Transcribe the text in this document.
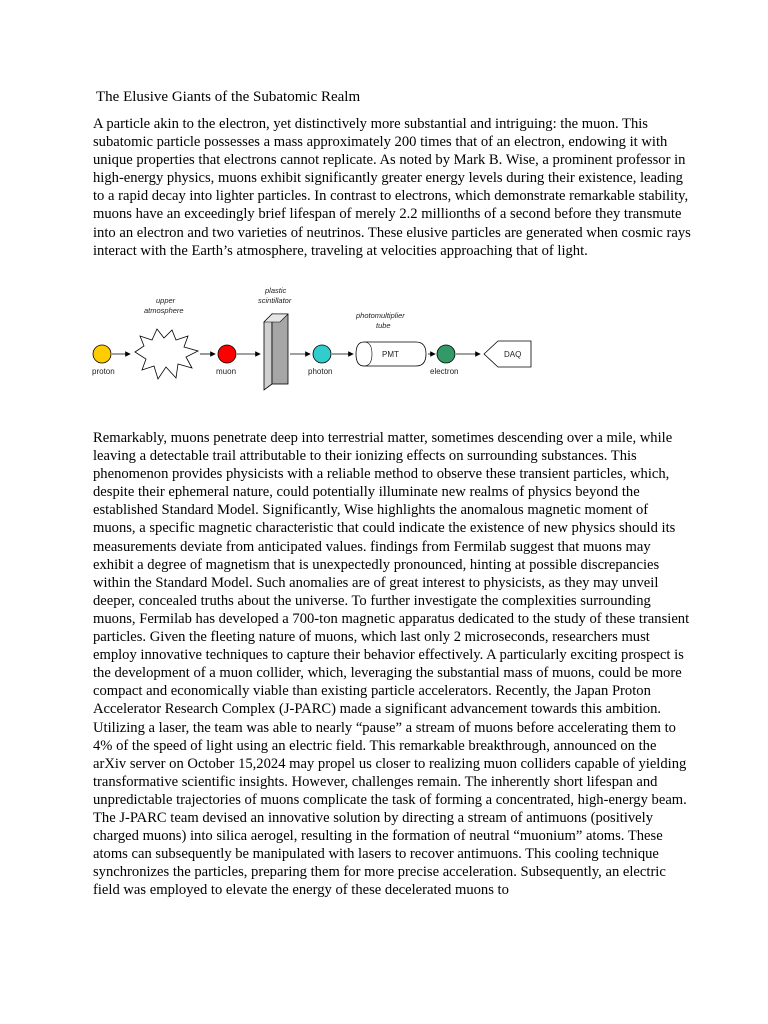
The Elusive Giants of the Subatomic Realm
A particle akin to the electron, yet distinctively more substantial and intriguing: the muon. This subatomic particle possesses a mass approximately 200 times that of an electron, endowing it with unique properties that electrons cannot replicate. As noted by Mark B. Wise, a prominent professor in high-energy physics, muons exhibit significantly greater energy levels during their existence, leading to a rapid decay into lighter particles. In contrast to electrons, which demonstrate remarkable stability, muons have an exceedingly brief lifespan of merely 2.2 millionths of a second before they transmute into an electron and two varieties of neutrinos. These elusive particles are generated when cosmic rays interact with the Earth’s atmosphere, traveling at velocities approaching that of light.
proton
upper
atmosphere
muon
plastic
scintillator
photon
PMT
photomultiplier
tube
electron
DAQ
Remarkably, muons penetrate deep into terrestrial matter, sometimes descending over a mile, while leaving a detectable trail attributable to their ionizing effects on surrounding substances. This phenomenon provides physicists with a reliable method to observe these transient particles, which, despite their ephemeral nature, could potentially illuminate new realms of physics beyond the established Standard Model. Significantly, Wise highlights the anomalous magnetic moment of muons, a specific magnetic characteristic that could indicate the existence of new physics should its measurements deviate from anticipated values. findings from Fermilab suggest that muons may exhibit a degree of magnetism that is unexpectedly pronounced, hinting at possible discrepancies within the Standard Model. Such anomalies are of great interest to physicists, as they may unveil deeper, concealed truths about the universe. To further investigate the complexities surrounding muons, Fermilab has developed a 700-ton magnetic apparatus dedicated to the study of these transient particles. Given the fleeting nature of muons, which last only 2 microseconds, researchers must employ innovative techniques to capture their behavior effectively. A particularly exciting prospect is the development of a muon collider, which, leveraging the substantial mass of muons, could be more compact and economically viable than existing particle accelerators. Recently, the Japan Proton Accelerator Research Complex (J-PARC) made a significant advancement towards this ambition. Utilizing a laser, the team was able to nearly “pause” a stream of muons before accelerating them to 4% of the speed of light using an electric field. This remarkable breakthrough, announced on the arXiv server on October 15,2024 may propel us closer to realizing muon colliders capable of yielding transformative scientific insights. However, challenges remain. The inherently short lifespan and unpredictable trajectories of muons complicate the task of forming a concentrated, high-energy beam. The J-PARC team devised an innovative solution by directing a stream of antimuons (positively charged muons) into silica aerogel, resulting in the formation of neutral “muonium” atoms. These atoms can subsequently be manipulated with lasers to recover antimuons. This cooling technique synchronizes the particles, preparing them for more precise acceleration. Subsequently, an electric field was employed to elevate the energy of these decelerated muons to
